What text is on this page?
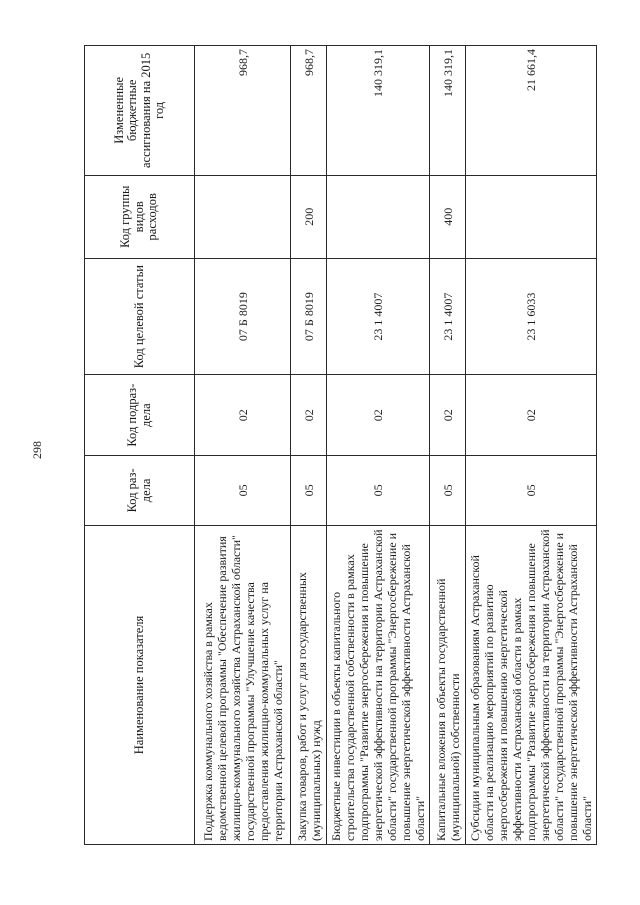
298
Наименование показателя	Код раз-дела	Код подраз-дела	Код целевой статьи	Код группы видов расходов	Измененные бюджетные ассигнования на 2015 год
Поддержка коммунального хозяйства в рамках ведомственной целевой программы "Обеспечение развития жилищно-коммунального хозяйства Астраханской области" государственной программы "Улучшение качества предоставления жилищно-коммунальных услуг на территории Астраханской области"	05	02	07 Б 8019		968,7
Закупка товаров, работ и услуг для государственных (муниципальных) нужд	05	02	07 Б 8019	200	968,7
Бюджетные инвестиции в объекты капитального строительства государственной собственности в рамках подпрограммы "Развитие энергосбережения и повышение энергетической эффективности на территории Астраханской области" государственной программы "Энергосбережение и повышение энергетической эффективности Астраханской области"	05	02	23 1 4007		140 319,1
Капитальные вложения в объекты государственной (муниципальной) собственности	05	02	23 1 4007	400	140 319,1
Субсидии муниципальным образованиям Астраханской области на реализацию мероприятий по развитию энергосбережения и повышению энергетической эффективности Астраханской области в рамках подпрограммы "Развитие энергосбережения и повышение энергетической эффективности на территории Астраханской области" государственной программы "Энергосбережение и повышение энергетической эффективности Астраханской области"	05	02	23 1 6033		21 661,4
